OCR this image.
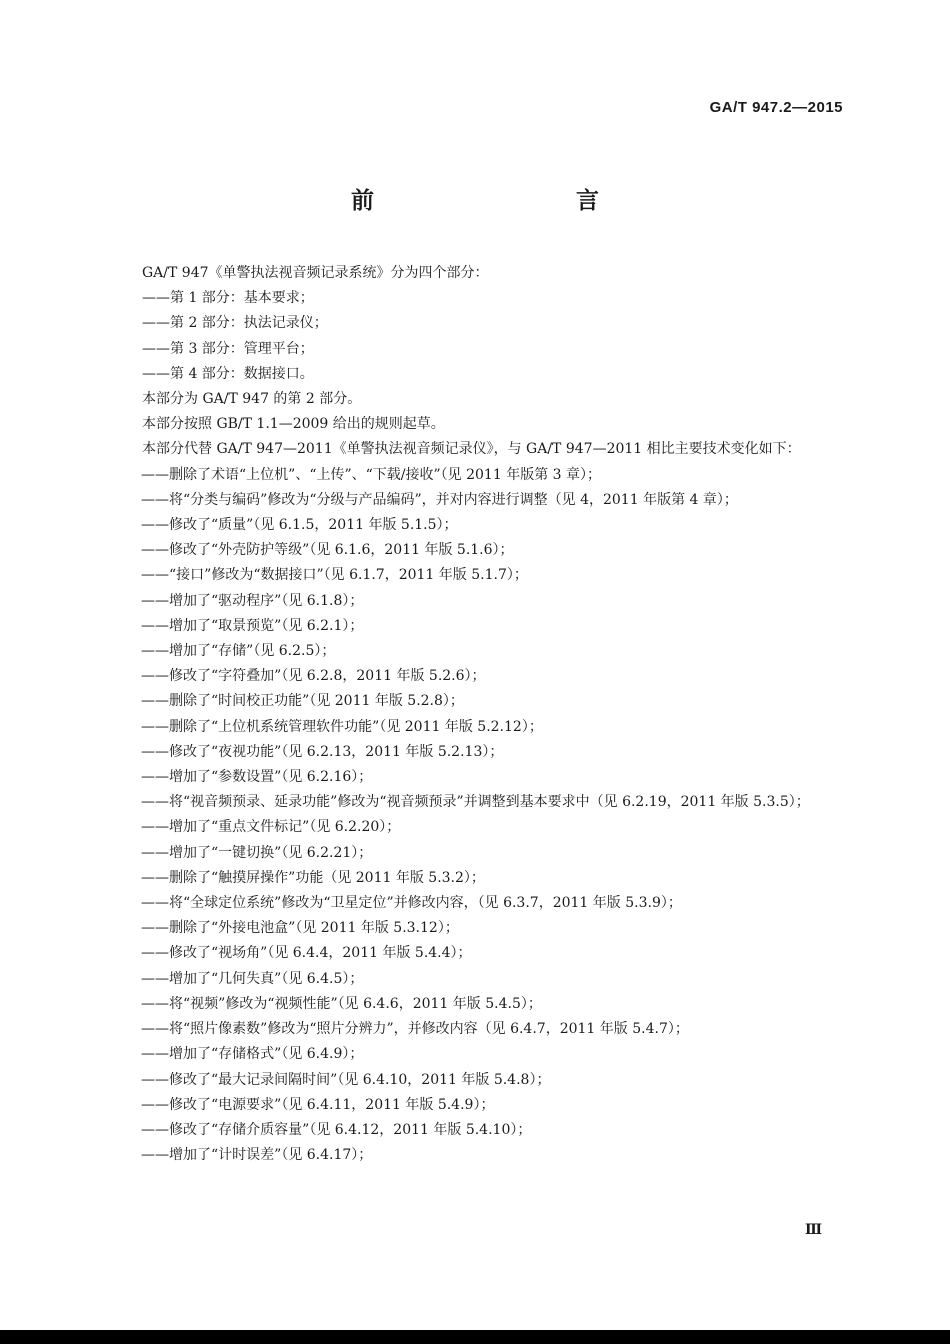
GA/T 947.2—2015
前　　言

GA/T 947《单警执法视音频记录系统》分为四个部分：

——第 1 部分：基本要求；

——第 2 部分：执法记录仪；

——第 3 部分：管理平台；

——第 4 部分：数据接口。

本部分为 GA/T 947 的第 2 部分。

本部分按照 GB/T 1.1—2009 给出的规则起草。

本部分代替 GA/T 947—2011《单警执法视音频记录仪》，与 GA/T 947—2011 相比主要技术变化如下：

——删除了术语“上位机”、“上传”、“下载/接收”（见 2011 年版第 3 章）；

——将“分类与编码”修改为“分级与产品编码”，并对内容进行调整（见 4，2011 年版第 4 章）；

——修改了“质量”（见 6.1.5，2011 年版 5.1.5）；

——修改了“外壳防护等级”（见 6.1.6，2011 年版 5.1.6）；

——“接口”修改为“数据接口”（见 6.1.7，2011 年版 5.1.7）；

——增加了“驱动程序”（见 6.1.8）；

——增加了“取景预览”（见 6.2.1）；

——增加了“存储”（见 6.2.5）；

——修改了“字符叠加”（见 6.2.8，2011 年版 5.2.6）；

——删除了“时间校正功能”（见 2011 年版 5.2.8）；

——删除了“上位机系统管理软件功能”（见 2011 年版 5.2.12）；

——修改了“夜视功能”（见 6.2.13，2011 年版 5.2.13）；

——增加了“参数设置”（见 6.2.16）；

——将“视音频预录、延录功能”修改为“视音频预录”并调整到基本要求中（见 6.2.19，2011 年版 5.3.5）；

——增加了“重点文件标记”（见 6.2.20）；

——增加了“一键切换”（见 6.2.21）；

——删除了“触摸屏操作”功能（见 2011 年版 5.3.2）；

——将“全球定位系统”修改为“卫星定位”并修改内容，（见 6.3.7，2011 年版 5.3.9）；

——删除了“外接电池盒”（见 2011 年版 5.3.12）；

——修改了“视场角”（见 6.4.4，2011 年版 5.4.4）；

——增加了“几何失真”（见 6.4.5）；

——将“视频”修改为“视频性能”（见 6.4.6，2011 年版 5.4.5）；

——将“照片像素数”修改为“照片分辨力”，并修改内容（见 6.4.7，2011 年版 5.4.7）；

——增加了“存储格式”（见 6.4.9）；

——修改了“最大记录间隔时间”（见 6.4.10，2011 年版 5.4.8）；

——修改了“电源要求”（见 6.4.11，2011 年版 5.4.9）；

——修改了“存储介质容量”（见 6.4.12，2011 年版 5.4.10）；

——增加了“计时误差”（见 6.4.17）；

Ⅲ
